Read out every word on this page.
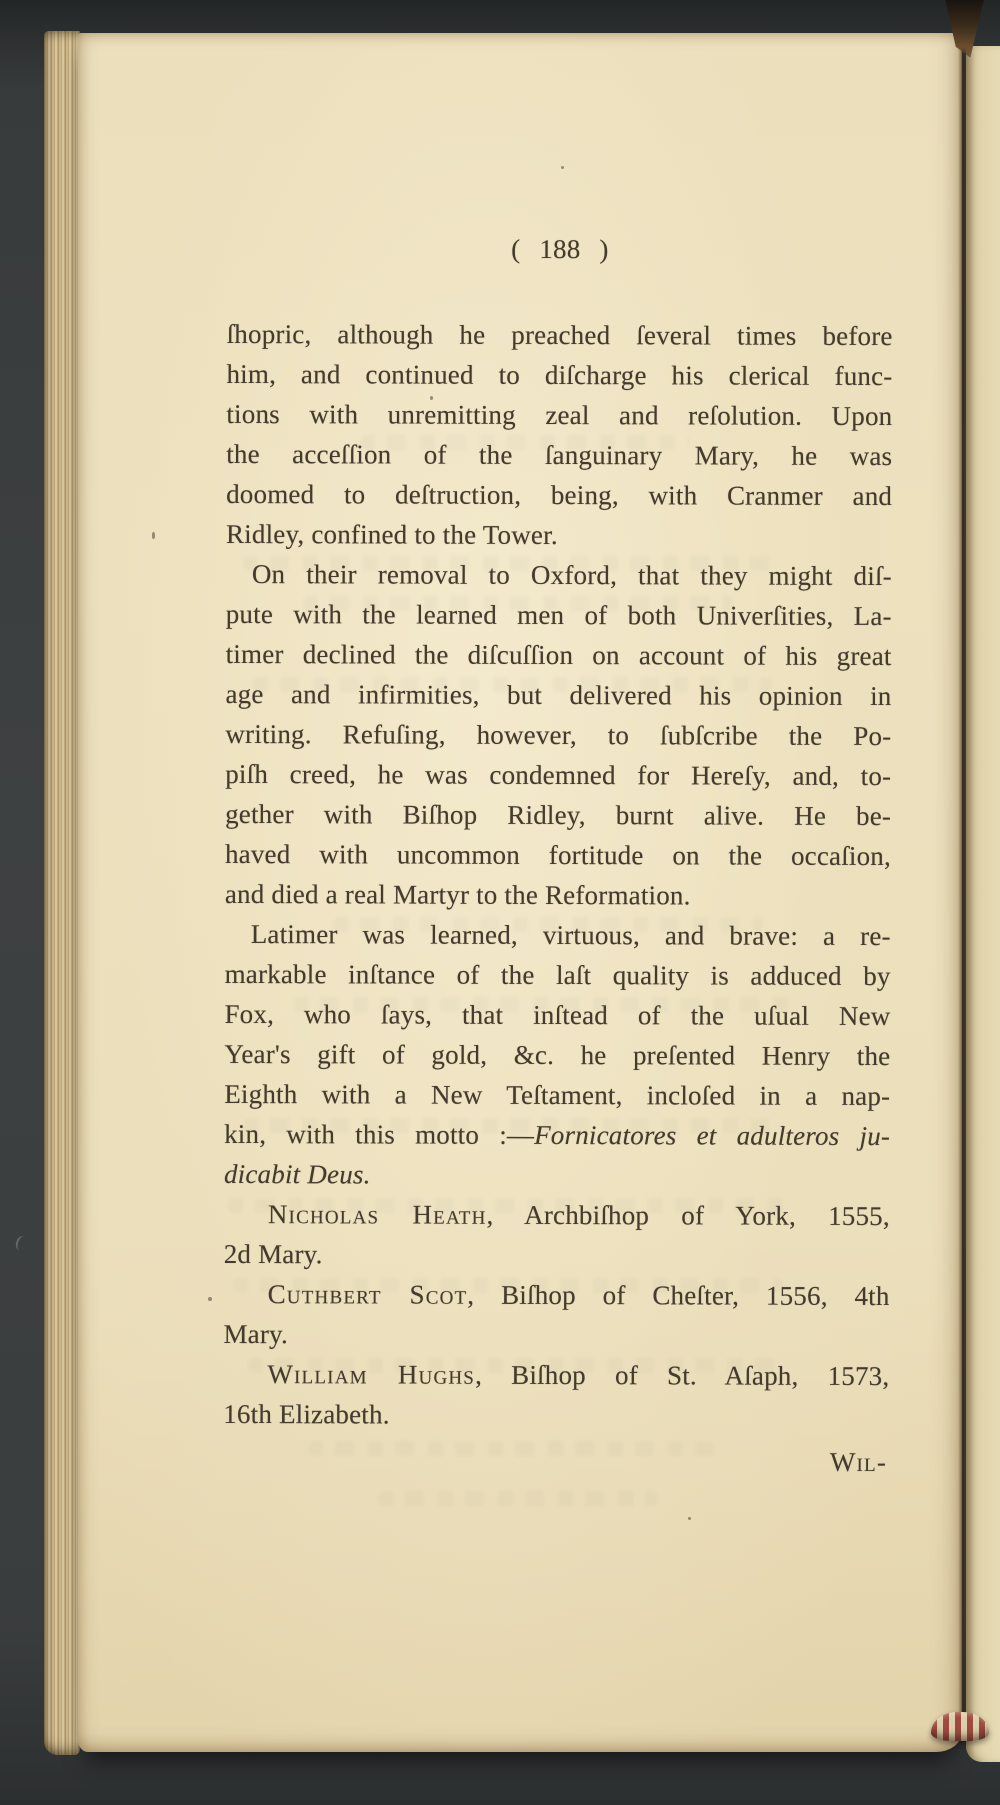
( 188 )
ſhopric, although he preached ſeveral times before
him, and continued to diſcharge his clerical func-
tions with unremitting zeal and reſolution. Upon
the acceſſion of the ſanguinary Mary, he was
doomed to deſtruction, being, with Cranmer and
Ridley, confined to the Tower.
On their removal to Oxford, that they might diſ-
pute with the learned men of both Univerſities, La-
timer declined the diſcuſſion on account of his great
age and infirmities, but delivered his opinion in
writing. Refuſing, however, to ſubſcribe the Po-
piſh creed, he was condemned for Hereſy, and, to-
gether with Biſhop Ridley, burnt alive. He be-
haved with uncommon fortitude on the occaſion,
and died a real Martyr to the Reformation.
Latimer was learned, virtuous, and brave: a re-
markable inſtance of the laſt quality is adduced by
Fox, who ſays, that inſtead of the uſual New
Year's gift of gold, &c. he preſented Henry the
Eighth with a New Teſtament, incloſed in a nap-
kin, with this motto :—Fornicatores et adulteros ju-
dicabit Deus.
Nicholas Heath, Archbiſhop of York, 1555,
2d Mary.
Cuthbert Scot, Biſhop of Cheſter, 1556, 4th
Mary.
William Hughs, Biſhop of St. Aſaph, 1573,
16th Elizabeth.
Wil-
